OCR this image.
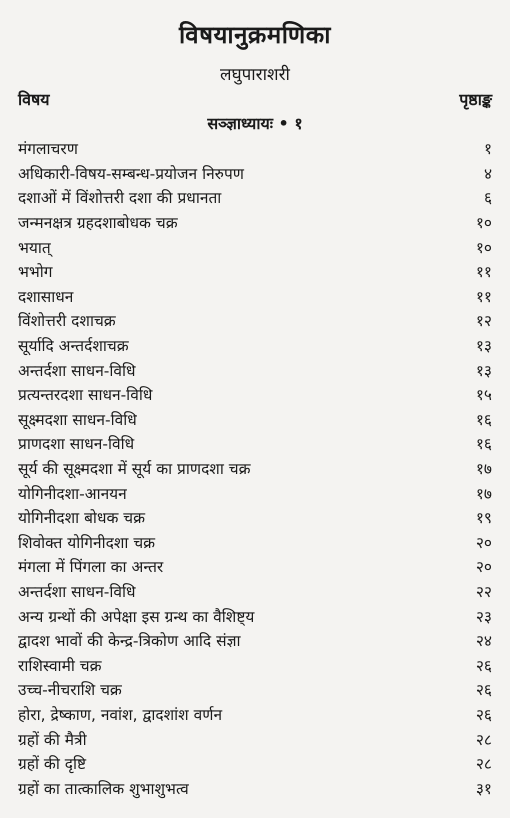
विषयानुक्रमणिका
लघुपाराशरी
विषय	पृष्ठाङ्क
सञ्ज्ञाध्यायः • १
मंगलाचरण	१
अधिकारी-विषय-सम्बन्ध-प्रयोजन निरुपण	४
दशाओं में विंशोत्तरी दशा की प्रधानता	६
जन्मनक्षत्र ग्रहदशाबोधक चक्र	१०
भयात्	१०
भभोग	११
दशासाधन	११
विंशोत्तरी दशाचक्र	१२
सूर्यादि अन्तर्दशाचक्र	१३
अन्तर्दशा साधन-विधि	१३
प्रत्यन्तरदशा साधन-विधि	१५
सूक्ष्मदशा साधन-विधि	१६
प्राणदशा साधन-विधि	१६
सूर्य की सूक्ष्मदशा में सूर्य का प्राणदशा चक्र	१७
योगिनीदशा-आनयन	१७
योगिनीदशा बोधक चक्र	१९
शिवोक्त योगिनीदशा चक्र	२०
मंगला में पिंगला का अन्तर	२०
अन्तर्दशा साधन-विधि	२२
अन्य ग्रन्थों की अपेक्षा इस ग्रन्थ का वैशिष्ट्य	२३
द्वादश भावों की केन्द्र-त्रिकोण आदि संज्ञा	२४
राशिस्वामी चक्र	२६
उच्च-नीचराशि चक्र	२६
होरा, द्रेष्काण, नवांश, द्वादशांश वर्णन	२६
ग्रहों की मैत्री	२८
ग्रहों की दृष्टि	२८
ग्रहों का तात्कालिक शुभाशुभत्व	३१
